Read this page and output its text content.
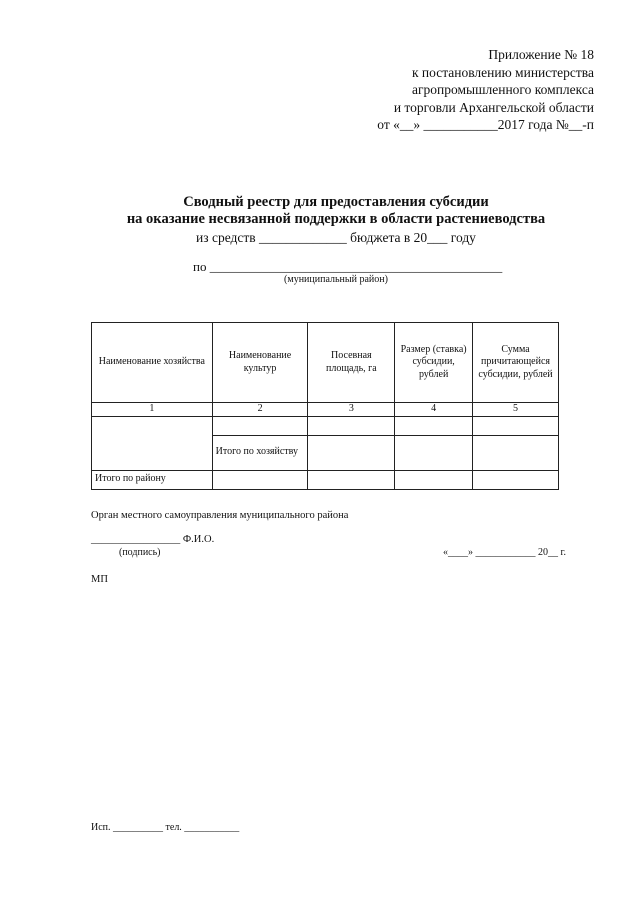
Приложение № 18
к постановлению министерства
агропромышленного комплекса
и торговли Архангельской области
от «__» ___________2017 года №__-п
Сводный реестр для предоставления субсидии
на оказание несвязанной поддержки в области растениеводства
из средств _____________ бюджета в 20___ году
по _____________________________________________
(муниципальный район)
Наименование хозяйства	Наименование культур	Посевная площадь, га	Размер (ставка) субсидии, рублей	Сумма причитающейся субсидии, рублей
1	2	3	4	5

	Итого по хозяйству			
Итого по району				
Орган местного самоуправления муниципального района
_________________ Ф.И.О.
(подпись)	«____» ____________ 20__ г.
МП
Исп. __________ тел. ___________
